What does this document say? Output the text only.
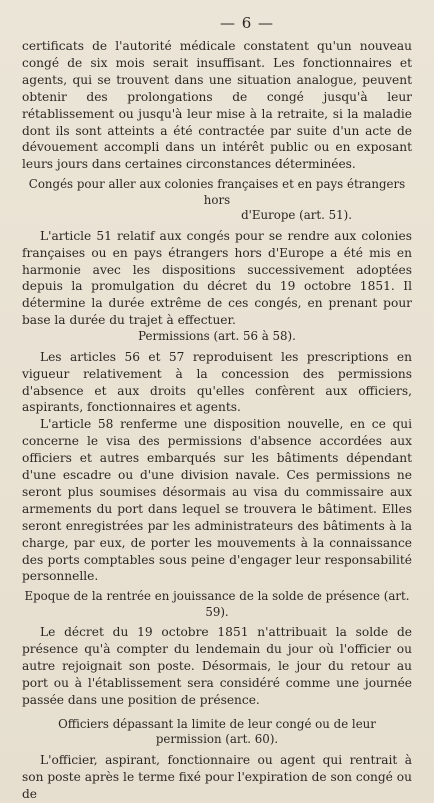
— 6 —

certificats de l'autorité médicale constatent qu'un nouveau congé de six mois serait insuffisant. Les fonctionnaires et agents, qui se trouvent dans une situation analogue, peuvent obtenir des prolongations de congé jusqu'à leur rétablissement ou jusqu'à leur mise à la retraite, si la maladie dont ils sont atteints a été contractée par suite d'un acte de dévouement accompli dans un intérêt public ou en exposant leurs jours dans certaines circonstances déterminées.

Congés pour aller aux colonies françaises et en pays étrangers hors
d'Europe (art. 51).

L'article 51 relatif aux congés pour se rendre aux colonies françaises ou en pays étrangers hors d'Europe a été mis en harmonie avec les dispositions successivement adoptées depuis la promulgation du décret du 19 octobre 1851. Il détermine la durée extrême de ces congés, en prenant pour base la durée du trajet à effectuer.

Permissions (art. 56 à 58).

Les articles 56 et 57 reproduisent les prescriptions en vigueur relativement à la concession des permissions d'absence et aux droits qu'elles confèrent aux officiers, aspirants, fonctionnaires et agents.

L'article 58 renferme une disposition nouvelle, en ce qui concerne le visa des permissions d'absence accordées aux officiers et autres embarqués sur les bâtiments dépendant d'une escadre ou d'une division navale. Ces permissions ne seront plus soumises désormais au visa du commissaire aux armements du port dans lequel se trouvera le bâtiment. Elles seront enregistrées par les administrateurs des bâtiments à la charge, par eux, de porter les mouvements à la connaissance des ports comptables sous peine d'engager leur responsabilité personnelle.

Epoque de la rentrée en jouissance de la solde de présence (art. 59).

Le décret du 19 octobre 1851 n'attribuait la solde de présence qu'à compter du lendemain du jour où l'officier ou autre rejoignait son poste. Désormais, le jour du retour au port ou à l'établissement sera considéré comme une journée passée dans une position de présence.

Officiers dépassant la limite de leur congé ou de leur
permission (art. 60).

L'officier, aspirant, fonctionnaire ou agent qui rentrait à son poste après le terme fixé pour l'expiration de son congé ou de
